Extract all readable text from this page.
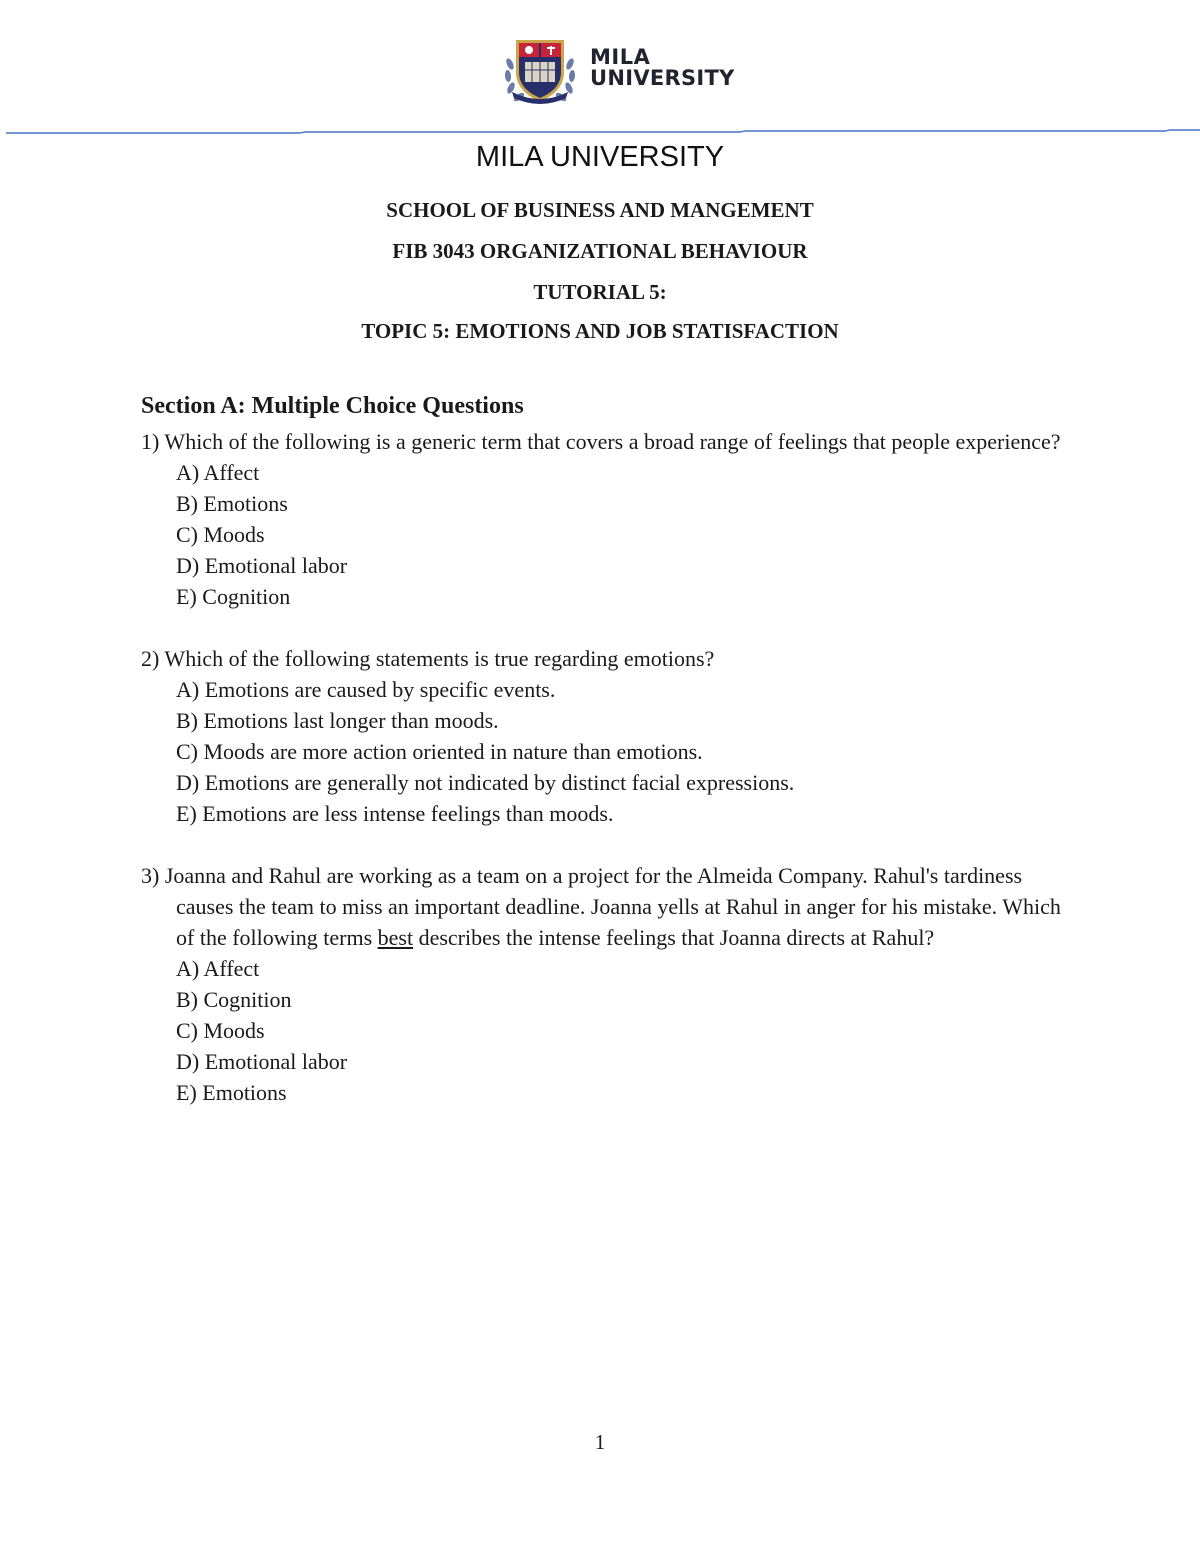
MILA
UNIVERSITY
MILA UNIVERSITY
SCHOOL OF BUSINESS AND MANGEMENT
FIB 3043 ORGANIZATIONAL BEHAVIOUR
TUTORIAL 5:
TOPIC 5: EMOTIONS AND JOB STATISFACTION
Section A: Multiple Choice Questions

1) Which of the following is a generic term that covers a broad range of feelings that people experience?

A) Affect

B) Emotions

C) Moods

D) Emotional labor

E) Cognition

2) Which of the following statements is true regarding emotions?

A) Emotions are caused by specific events.

B) Emotions last longer than moods.

C) Moods are more action oriented in nature than emotions.

D) Emotions are generally not indicated by distinct facial expressions.

E) Emotions are less intense feelings than moods.

3) Joanna and Rahul are working as a team on a project for the Almeida Company. Rahul's tardiness causes the team to miss an important deadline. Joanna yells at Rahul in anger for his mistake. Which of the following terms best describes the intense feelings that Joanna directs at Rahul?

A) Affect

B) Cognition

C) Moods

D) Emotional labor

E) Emotions

1
